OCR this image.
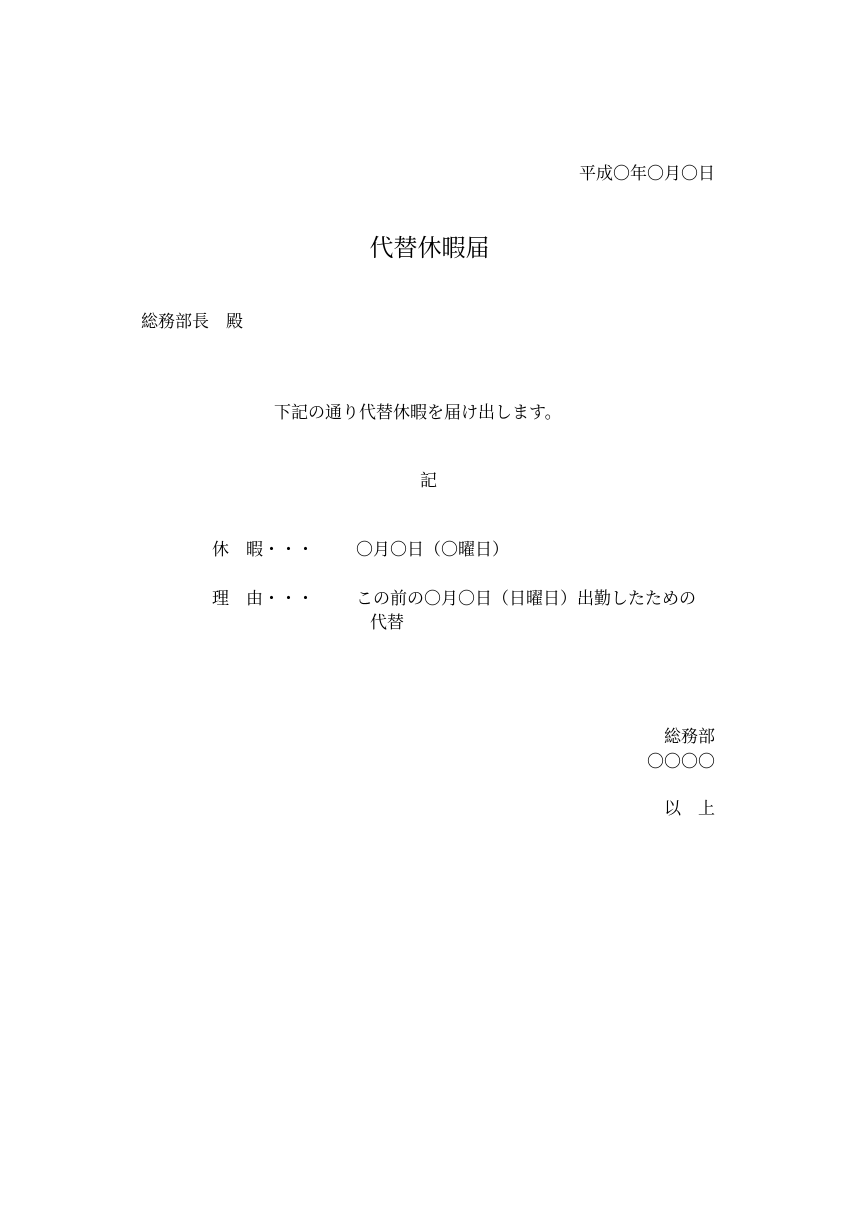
平成〇年〇月〇日
代替休暇届
総務部長　殿
下記の通り代替休暇を届け出します。
記
休　暇・・・ 〇月〇日（〇曜日）
理　由・・・ この前の〇月〇日（日曜日）出勤したための
代替
総務部
〇〇〇〇
以　上
